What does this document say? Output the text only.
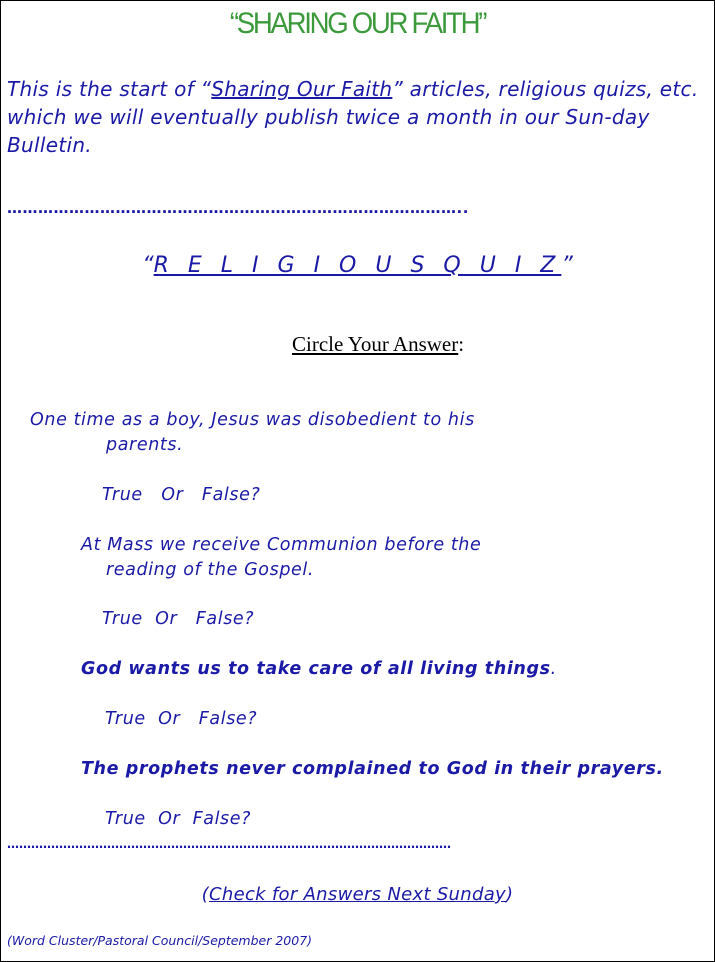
“SHARING OUR FAITH”
This is the start of “Sharing Our Faith” articles, religious quizs, etc. which we will eventually publish twice a month in our Sun-day Bulletin.
……………………………………………………………………………..
“R E L I G I O U S Q U I Z”
Circle Your Answer:
One time as a boy, Jesus was disobedient to his
parents.
True   Or   False?
At Mass we receive Communion before the
reading of the Gospel.
True  Or   False?
God wants us to take care of all living things.
True  Or   False?
The prophets never complained to God in their prayers.
True  Or  False?
…………………………………………………………………………………………………
(Check for Answers Next Sunday)
(Word Cluster/Pastoral Council/September 2007)
